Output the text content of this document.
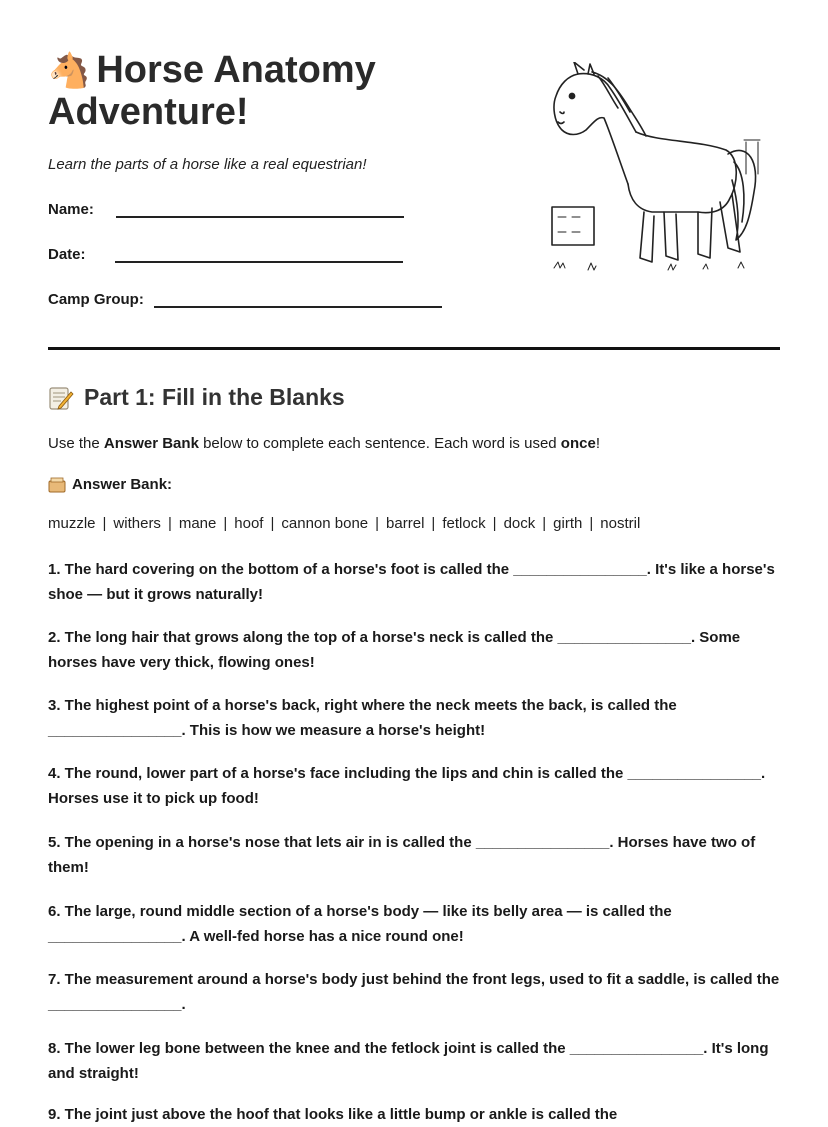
🐴 Horse Anatomy Adventure!
Learn the parts of a horse like a real equestrian!
Name:
Date:
Camp Group:
Part 1: Fill in the Blanks
Use the Answer Bank below to complete each sentence. Each word is used once!
Answer Bank:
muzzle | withers | mane | hoof | cannon bone | barrel | fetlock | dock | girth | nostril

1. The hard covering on the bottom of a horse's foot is called the ________________. It's like a horse's shoe — but it grows naturally!

2. The long hair that grows along the top of a horse's neck is called the ________________. Some horses have very thick, flowing ones!

3. The highest point of a horse's back, right where the neck meets the back, is called the ________________. This is how we measure a horse's height!

4. The round, lower part of a horse's face including the lips and chin is called the ________________. Horses use it to pick up food!

5. The opening in a horse's nose that lets air in is called the ________________. Horses have two of them!

6. The large, round middle section of a horse's body — like its belly area — is called the ________________. A well-fed horse has a nice round one!

7. The measurement around a horse's body just behind the front legs, used to fit a saddle, is called the ________________.

8. The lower leg bone between the knee and the fetlock joint is called the ________________. It's long and straight!

9. The joint just above the hoof that looks like a little bump or ankle is called the
